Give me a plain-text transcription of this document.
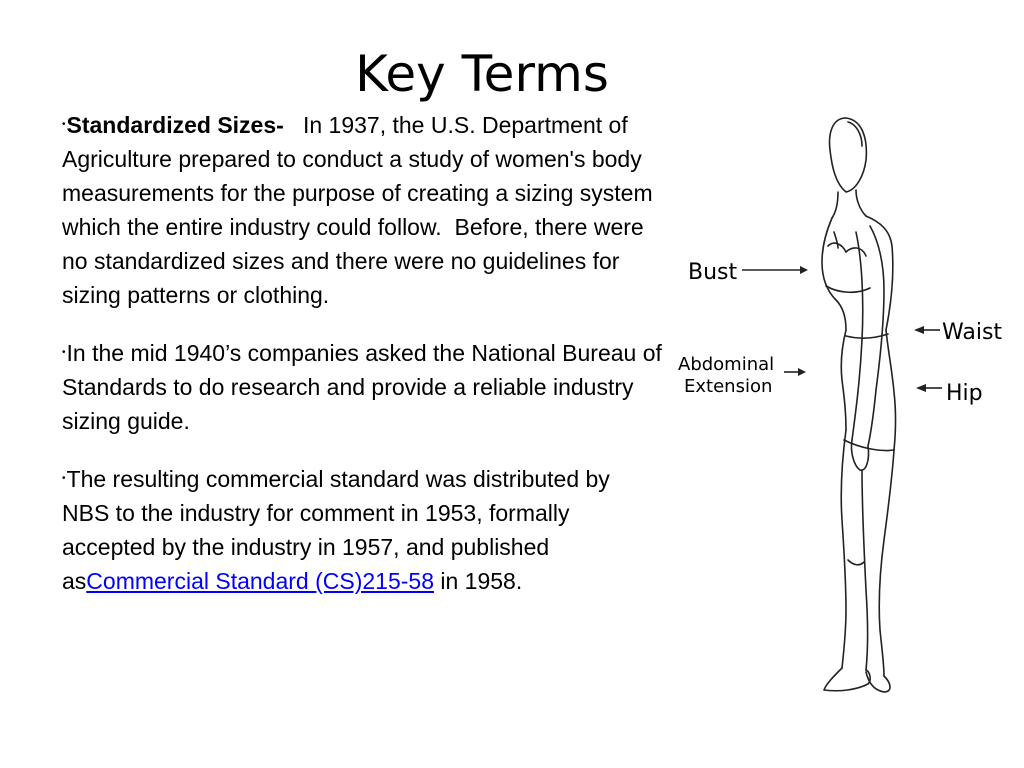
Key Terms

•Standardized Sizes-   In 1937, the U.S. Department of Agriculture prepared to conduct a study of women's body measurements for the purpose of creating a sizing system which the entire industry could follow.  Before, there were no standardized sizes and there were no guidelines for sizing patterns or clothing.

•In the mid 1940’s companies asked the National Bureau of Standards to do research and provide a reliable industry sizing guide.

•The resulting commercial standard was distributed by NBS to the industry for comment in 1953, formally accepted by the industry in 1957, and published asCommercial Standard (CS)215-58 in 1958.

Bust
Waist
Abdominal
Extension	Hip
